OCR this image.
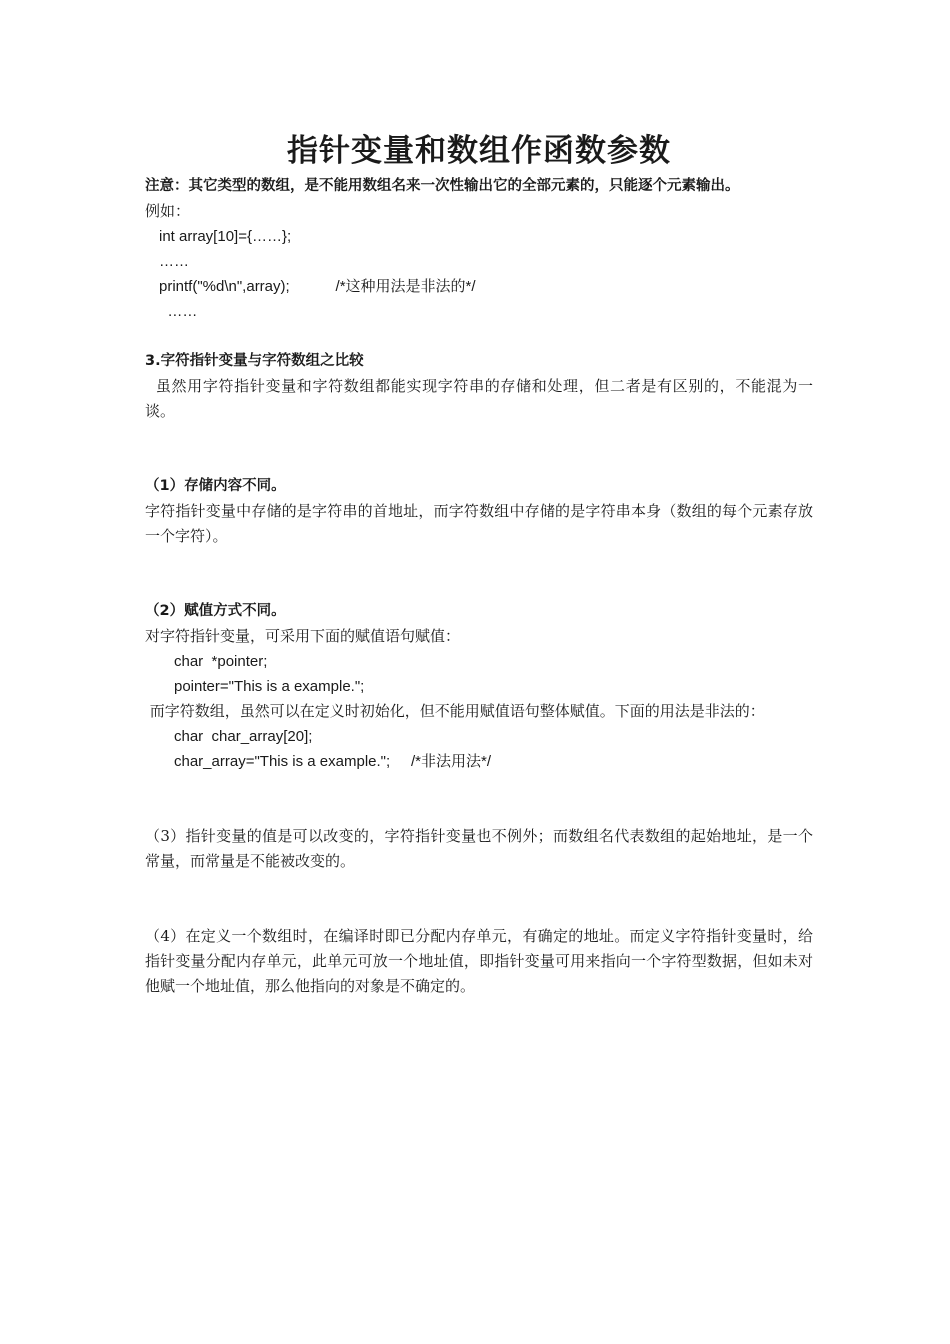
指针变量和数组作函数参数

注意：其它类型的数组，是不能用数组名来一次性输出它的全部元素的，只能逐个元素输出。

例如：

int array[10]={……};
……
printf("%d\n",array);           /*这种用法是非法的*/
……

3.字符指针变量与字符数组之比较

虽然用字符指针变量和字符数组都能实现字符串的存储和处理，但二者是有区别的，不能混为一谈。

（1）存储内容不同。

字符指针变量中存储的是字符串的首地址，而字符数组中存储的是字符串本身（数组的每个元素存放一个字符）。

（2）赋值方式不同。

对字符指针变量，可采用下面的赋值语句赋值：

char  *pointer;
pointer="This is a example.";

而字符数组，虽然可以在定义时初始化，但不能用赋值语句整体赋值。下面的用法是非法的：

char  char_array[20];
char_array="This is a example.";     /*非法用法*/

（3）指针变量的值是可以改变的，字符指针变量也不例外；而数组名代表数组的起始地址，是一个常量，而常量是不能被改变的。

（4）在定义一个数组时，在编译时即已分配内存单元，有确定的地址。而定义字符指针变量时，给指针变量分配内存单元，此单元可放一个地址值，即指针变量可用来指向一个字符型数据，但如未对他赋一个地址值，那么他指向的对象是不确定的。
